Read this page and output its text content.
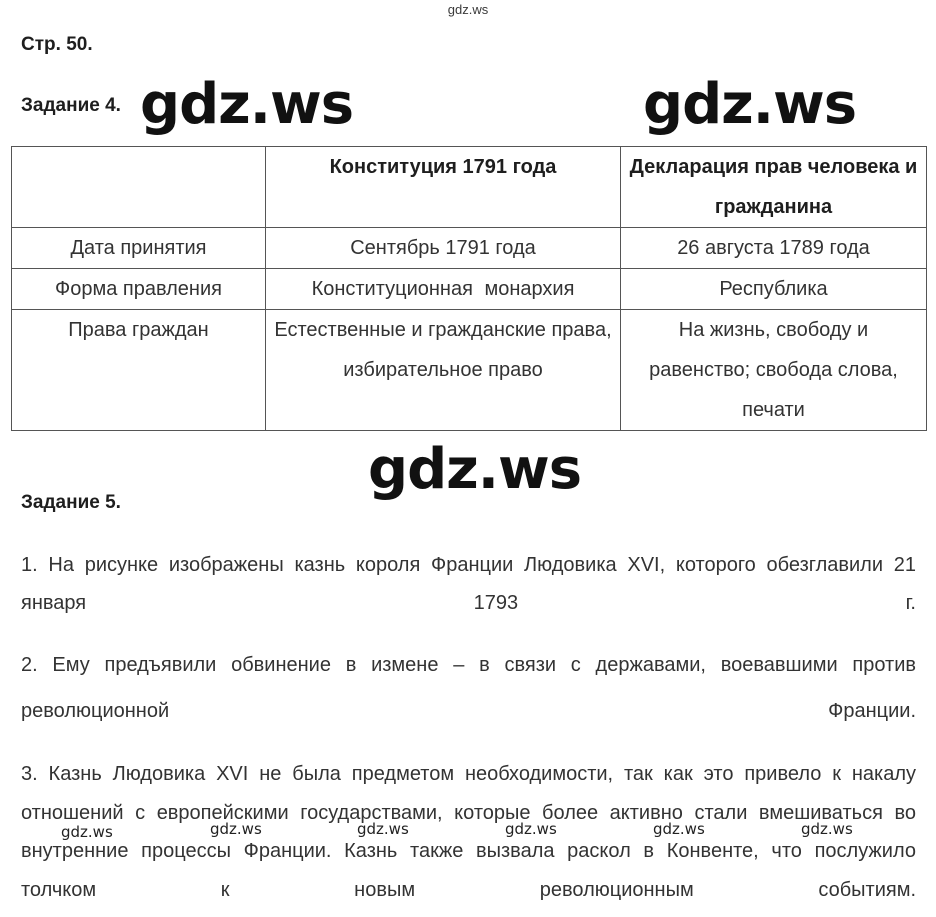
gdz.ws
Стр. 50.
Задание 4. gdz.ws	gdz.ws
	Конституция 1791 года	Декларация прав человека и гражданина
Дата принятия	Сентябрь 1791 года	26 августа 1789 года
Форма правления	Конституционная монархия	Республика
Права граждан	Естественные и гражданские права, избирательное право	На жизнь, свободу и равенство; свобода слова, печати
gdz.ws
Задание 5.
1. На рисунке изображены казнь короля Франции Людовика XVI, которого обезглавили 21 января 1793 г.
2. Ему предъявили обвинение в измене – в связи с державами, воевавшими против революционной Франции.
3. Казнь Людовика XVI не была предметом необходимости, так как это привело к накалу отношений с европейскими государствами, которые более активно стали вмешиваться во внутренние процессы Франции. Казнь также вызвала раскол в Конвенте, что послужило толчком к новым революционным событиям.
gdz.ws	gdz.ws	gdz.ws	gdz.ws	gdz.ws	gdz.ws
